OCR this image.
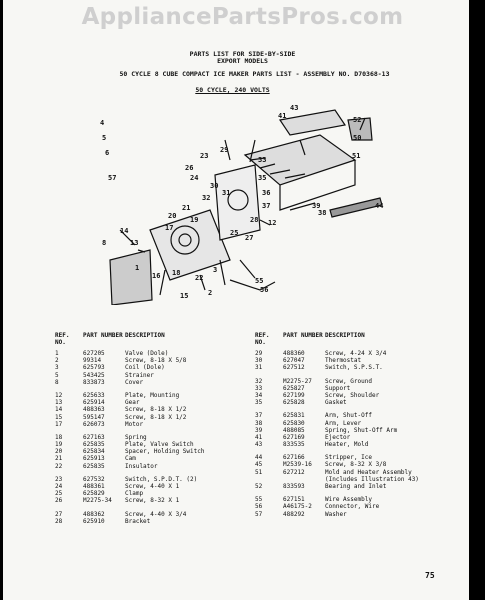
AppliancePartsPros.com
PARTS LIST FOR SIDE-BY-SIDE
EXPORT MODELS
50 CYCLE 8 CUBE COMPACT ICE MAKER PARTS LIST - ASSEMBLY NO. D70368-13
50 CYCLE, 240 VOLTS
4
5
6
57
8
14
13
1
17
20
16 18
22
3
2
15
26
23
29
30
31
24
32
21
19
25
27
28
33
35
36
37
12
55
56
52
50
51
39
38
44
41
43
REF. NO.
PART NUMBER DESCRIPTION
1	627205	Valve (Dole)
2	99314	Screw, 8-18 X 5/8
3	625793	Coil (Dole)
5	543425	Strainer
8	833873	Cover
12	625633	Plate, Mounting
13	625914	Gear
14	488363	Screw, 8-18 X 1/2
15	595147	Screw, 8-18 X 1/2
17	626073	Motor
18	627163	Spring
19	625835	Plate, Valve Switch
20	625834	Spacer, Holding Switch
21	625913	Cam
22	625835	Insulator
23	627532	Switch, S.P.D.T. (2)
24	488361	Screw, 4-40 X 1
25	625829	Clamp
26	M2275-34	Screw, 8-32 X 1
27	488362	Screw, 4-40 X 3/4
28	625910	Bracket
REF. NO.
PART NUMBER DESCRIPTION
29	488360	Screw, 4-24 X 3/4
30	627047	Thermostat
31	627512	Switch, S.P.S.T.
32	M2275-27	Screw, Ground
33	625827	Support
34	627199	Screw, Shoulder
35	625828	Gasket
37	625831	Arm, Shut-Off
38	625830	Arm, Lever
39	488085	Spring, Shut-Off Arm
41	627169	Ejector
43	833535	Heater, Mold
44	627166	Stripper, Ice
45	M2539-16	Screw, 8-32 X 3/8
51	627212	Mold and Heater Assembly
(Includes Illustration 43)
52	833593	Bearing and Inlet
55	627151	Wire Assembly
56	A46175-2	Connector, Wire
57	488292	Washer
75
